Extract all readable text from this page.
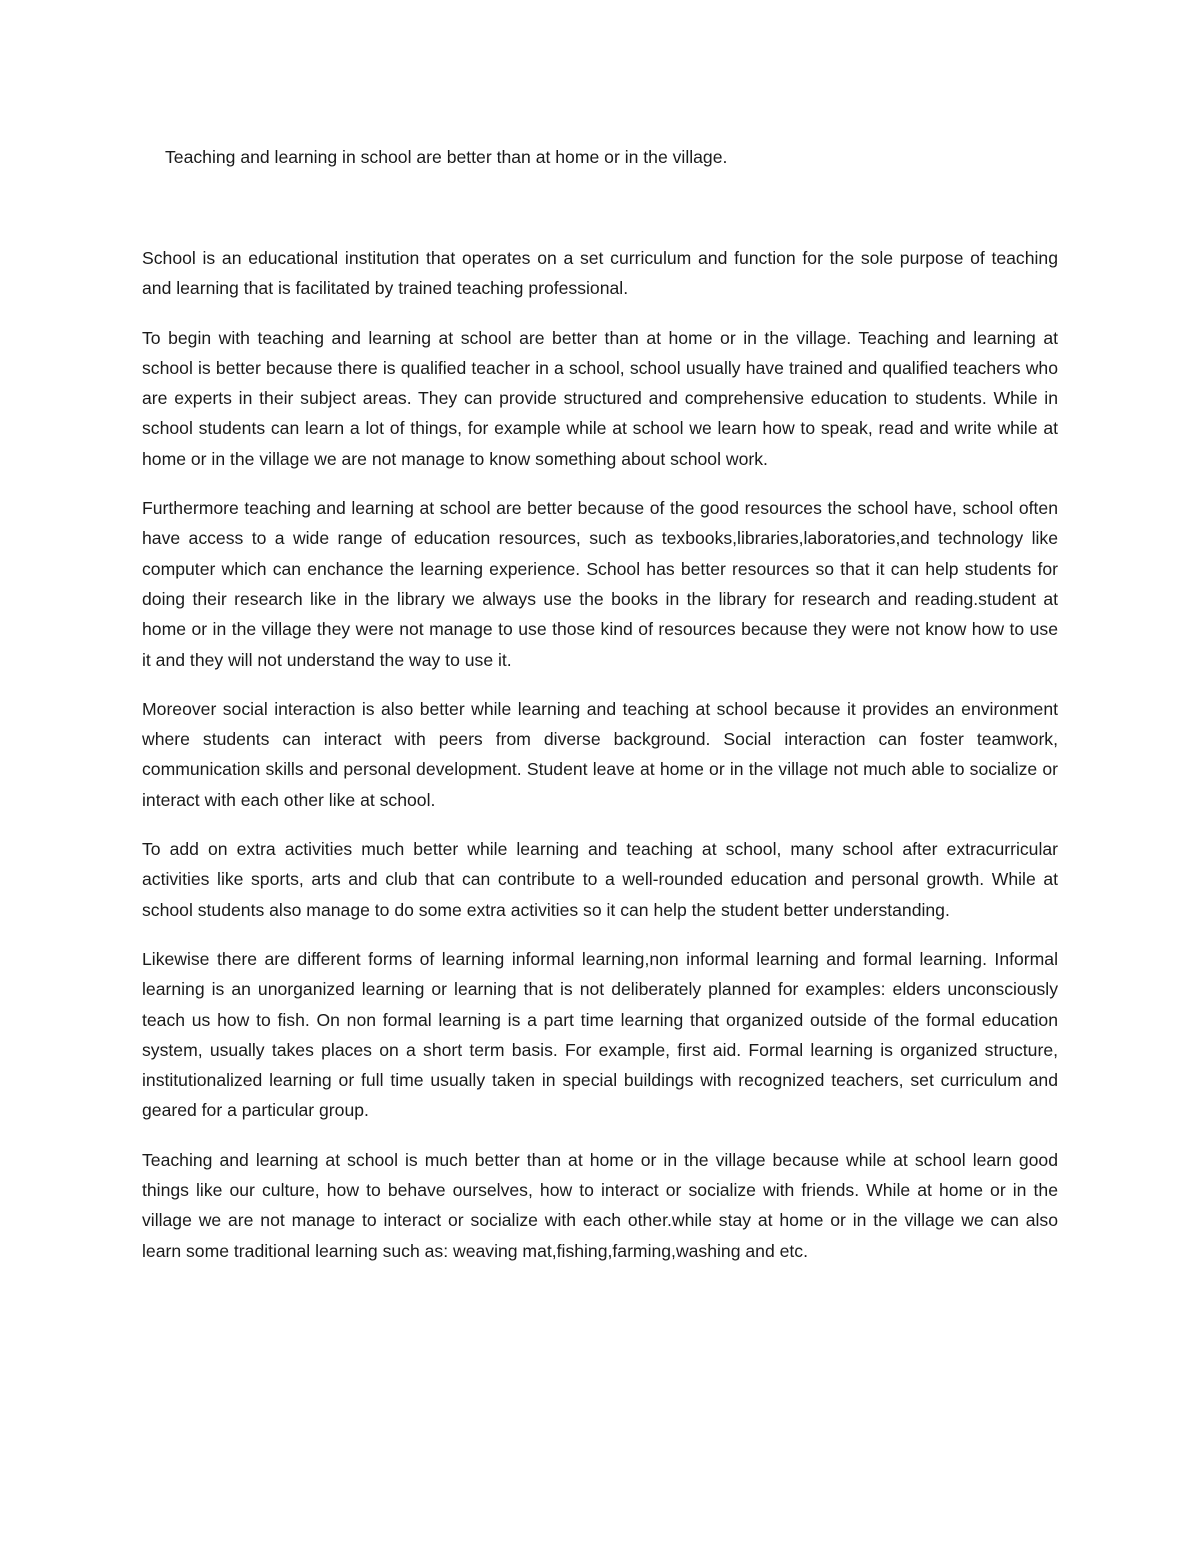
Teaching and learning in school are better than at home or in the village.

School is an educational institution that operates on a set curriculum and function for the sole purpose of teaching and learning that is facilitated by trained teaching professional.

To begin with teaching and learning at school are better than at home or in the village. Teaching and learning at school is better because there is qualified teacher in a school, school usually have trained and qualified teachers who are experts in their subject areas. They can provide structured and comprehensive education to students. While in school students can learn a lot of things, for example while at school we learn how to speak, read and write while at home or in the village we are not manage to know something about school work.

Furthermore teaching and learning at school are better because of the good resources the school have, school often have access to a wide range of education resources, such as texbooks,libraries,laboratories,and technology like computer which can enchance the learning experience. School has better resources so that it can help students for doing their research like in the library we always use the books in the library for research and reading.student at home or in the village they were not manage to use those kind of resources because they were not know how to use it and they will not understand the way to use it.

Moreover social interaction is also better while learning and teaching at school because it provides an environment where students can interact with peers from diverse background. Social interaction can foster teamwork, communication skills and personal development. Student leave at home or in the village not much able to socialize or interact with each other like at school.

To add on extra activities much better while learning and teaching at school, many school after extracurricular activities like sports, arts and club that can contribute to a well-rounded education and personal growth. While at school students also manage to do some extra activities so it can help the student better understanding.

Likewise there are different forms of learning informal learning,non informal learning and formal learning. Informal learning is an unorganized learning or learning that is not deliberately planned for examples: elders unconsciously teach us how to fish. On non formal learning is a part time learning that organized outside of the formal education system, usually takes places on a short term basis. For example, first aid. Formal learning is organized structure, institutionalized learning or full time usually taken in special buildings with recognized teachers, set curriculum and geared for a particular group.

Teaching and learning at school is much better than at home or in the village because while at school learn good things like our culture, how to behave ourselves, how to interact or socialize with friends. While at home or in the village we are not manage to interact or socialize with each other.while stay at home or in the village we can also learn some traditional learning such as: weaving mat,fishing,farming,washing and etc.
